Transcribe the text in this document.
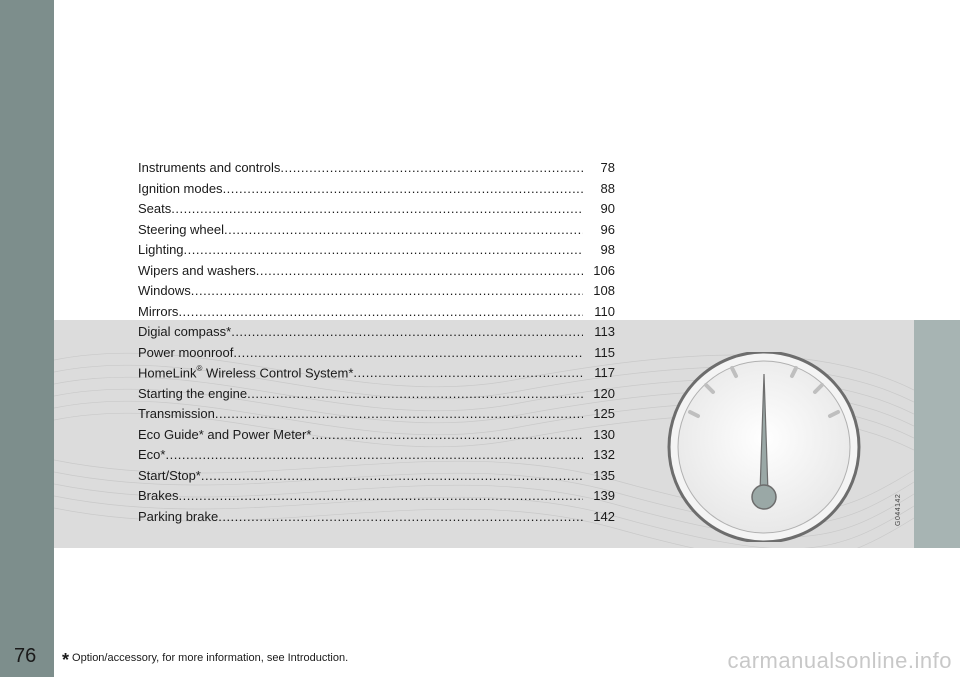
Instruments and controls .....	78
Ignition modes .....	88
Seats .....	90
Steering wheel .....	96
Lighting .....	98
Wipers and washers .....	106
Windows .....	108
Mirrors .....	110
Digial compass* .....	113
Power moonroof .....	115
HomeLink® Wireless Control System* .....	117
Starting the engine .....	120
Transmission .....	125
Eco Guide* and Power Meter* .....	130
Eco* .....	132
Start/Stop* .....	135
Brakes .....	139
Parking brake .....	142	G044142
76 * Option/accessory, for more information, see Introduction.	carmanualsonline.info
